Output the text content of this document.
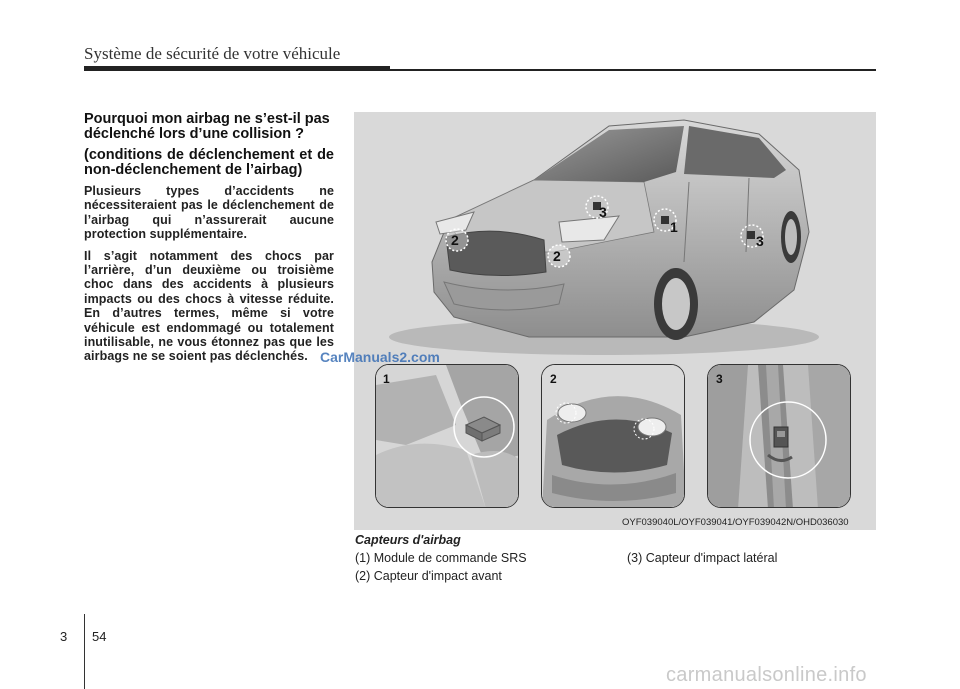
Système de sécurité de votre véhicule
Pourquoi mon airbag ne s’est-il pas déclenché lors d’une collision ?
(conditions de déclenchement et de non-déclenchement de l’airbag)

Plusieurs types d’accidents ne nécessiteraient pas le déclenchement de l’airbag qui n’assurerait aucune protection supplémentaire.

Il s’agit notamment des chocs par l’arrière, d’un deuxième ou troisième choc dans des accidents à plusieurs impacts ou des chocs à vitesse réduite. En d’autres termes, même si votre véhicule est endommagé ou totalement inutilisable, ne vous étonnez pas que les airbags ne se soient pas déclenchés.

1
2
2
3
3
1	2	3
OYF039040L/OYF039041/OYF039042N/OHD036030
CarManuals2.com
Capteurs d'airbag
(1) Module de commande SRS
(2) Capteur d'impact avant
(3) Capteur d'impact latéral
3 54
carmanualsonline.info
